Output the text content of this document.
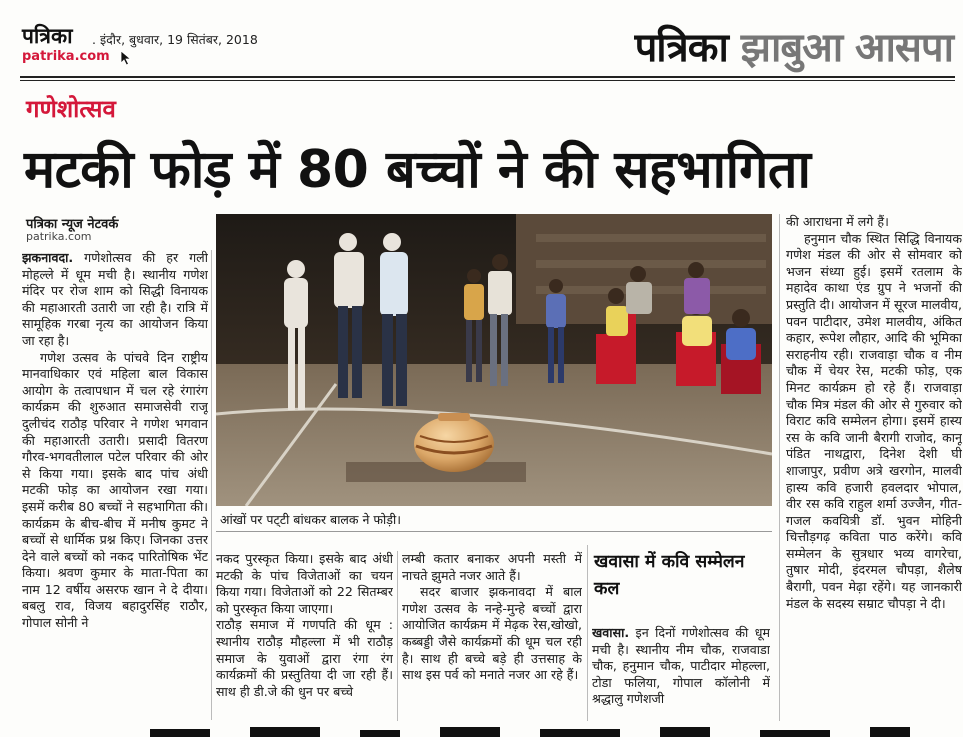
पत्रिका . इंदौर, बुधवार, 19 सितंबर, 2018
patrika.com	पत्रिका झाबुआ आसपा
गणेशोत्सव
मटकी फोड़ में 80 बच्चों ने की सहभागिता
पत्रिका न्यूज नेटवर्क
patrika.com

झकनावदा. गणेशोत्सव की हर गली मोहल्ले में धूम मची है। स्थानीय गणेश मंदिर पर रोज शाम को सिद्धी विनायक की महाआरती उतारी जा रही है। रात्रि में सामूहिक गरबा नृत्य का आयोजन किया जा रहा है।

गणेश उत्सव के पांचवे दिन राष्ट्रीय मानवाधिकार एवं महिला बाल विकास आयोग के तत्वापधान में चल रहे रंगारंग कार्यक्रम की शुरुआत समाजसेवी राजू दुलीचंद राठौड़ परिवार ने गणेश भगवान की महाआरती उतारी। प्रसादी वितरण गौरव-भगवतीलाल पटेल परिवार की ओर से किया गया। इसके बाद पांच अंधी मटकी फोड़ का आयोजन रखा गया। इसमें करीब 80 बच्चों ने सहभागिता की। कार्यक्रम के बीच-बीच में मनीष कुमट ने बच्चों से धार्मिक प्रश्न किए। जिनका उत्तर देने वाले बच्चों को नकद पारितोषिक भेंट किया। श्रवण कुमार के माता-पिता का नाम 12 वर्षीय असरफ खान ने दे दीया। बबलु राव, विजय बहादुरसिंह राठौर, गोपाल सोनी ने

आंखों पर पट्‌टी बांधकर बालक ने फोड़ी।

नकद पुरस्कृत किया। इसके बाद अंधी मटकी के पांच विजेताओं का चयन किया गया। विजेताओं को 22 सितम्बर को पुरस्कृत किया जाएगा।

राठौड़ समाज में गणपति की धूम : स्थानीय राठौड़ मौहल्ला में भी राठौड़ समाज के युवाओं द्वारा रंगा रंग कार्यक्रमों की प्रस्तुतिया दी जा रही हैं। साथ ही डी.जे की धुन पर बच्चे

लम्बी कतार बनाकर अपनी मस्ती में नाचते झुमते नजर आते हैं।

सदर बाजार झकनावदा में बाल गणेश उत्सव के नन्हे-मुन्हे बच्चों द्वारा आयोजित कार्यक्रम में मेढ़क रेस,खोखो, कब्बड्डी जैसे कार्यक्रमों की धूम चल रही है। साथ ही बच्चे बड़े ही उत्तसाह के साथ इस पर्व को मनाते नजर आ रहे हैं।

खवासा में कवि सम्मेलन कल

खवासा. इन दिनों गणेशोत्सव की धूम मची है। स्थानीय नीम चौक, राजवाडा चौक, हनुमान चौक, पाटीदार मोहल्ला, टोडा फलिया, गोपाल कॉलोनी में श्रद्धालु गणेशजी

की आराधना में लगे हैं।

हनुमान चौक स्थित सिद्धि विनायक गणेश मंडल की ओर से सोमवार को भजन संध्या हुई। इसमें रतलाम के महादेव काथा एंड ग्रुप ने भजनों की प्रस्तुति दी। आयोजन में सूरज मालवीय, पवन पाटीदार, उमेश मालवीय, अंकित कहार, रूपेश लौहार, आदि की भूमिका सराहनीय रही। राजवाड़ा चौक व नीम चौक में चेयर रेस, मटकी फोड़, एक मिनट कार्यक्रम हो रहे हैं। राजवाड़ा चौक मित्र मंडल की ओर से गुरुवार को विराट कवि सम्मेलन होगा। इसमें हास्य रस के कवि जानी बैरागी राजोद, कानू पंडित नाथद्वारा, दिनेश देशी घी शाजापुर, प्रवीण अत्रे खरगोन, मालवी हास्य कवि हजारी हवलदार भोपाल, वीर रस कवि राहुल शर्मा उज्जैन, गीत-गजल कवयित्री डॉ. भुवन मोहिनी चित्तौड़गढ़ कविता पाठ करेंगे। कवि सम्मेलन के सुत्रधार भव्य वागरेचा, तुषार मोदी, इंदरमल चौपड़ा, शैलेष बैरागी, पवन मेढ़ा रहेंगे। यह जानकारी मंडल के सदस्य सम्राट चौपड़ा ने दी।
